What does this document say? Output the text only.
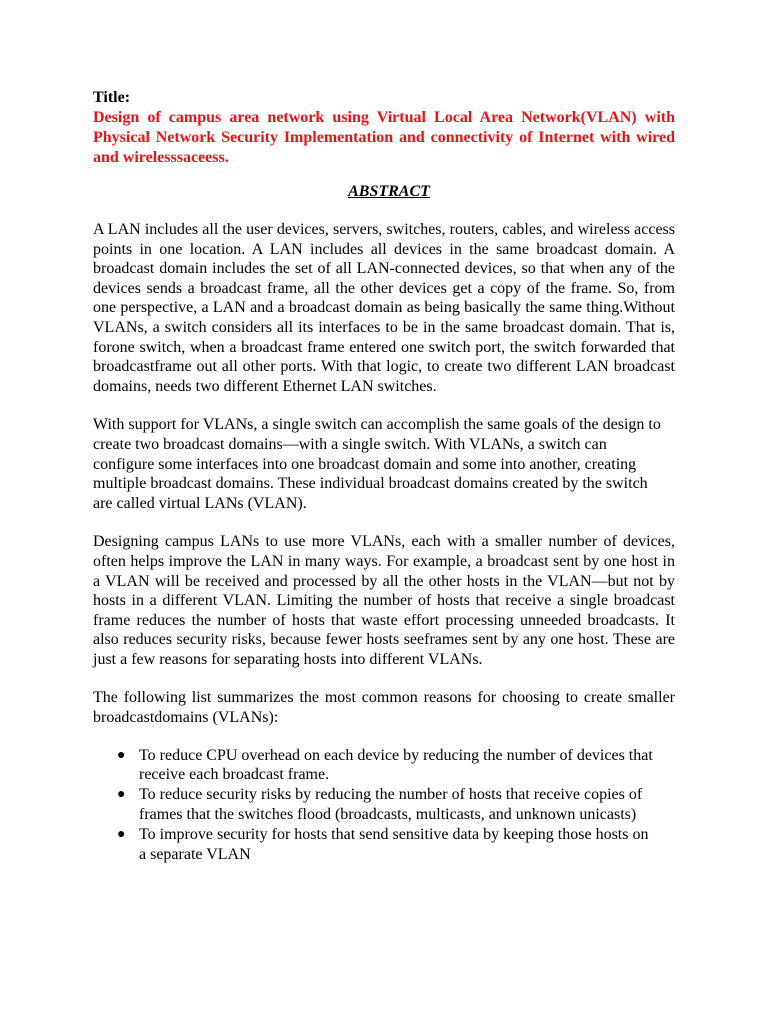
Title:

Design of campus area network using Virtual Local Area Network(VLAN) with Physical Network Security Implementation and connectivity of Internet with wired and wirelesssaceess.

ABSTRACT

A LAN includes all the user devices, servers, switches, routers, cables, and wireless access points in one location. A LAN includes all devices in the same broadcast domain. A broadcast domain includes the set of all LAN-connected devices, so that when any of the devices sends a broadcast frame, all the other devices get a copy of the frame. So, from one perspective, a LAN and a broadcast domain as being basically the same thing.Without VLANs, a switch considers all its interfaces to be in the same broadcast domain. That is, forone switch, when a broadcast frame entered one switch port, the switch forwarded that broadcastframe out all other ports. With that logic, to create two different LAN broadcast domains, needs two different Ethernet LAN switches.

With support for VLANs, a single switch can accomplish the same goals of the design to create two broadcast domains—with a single switch. With VLANs, a switch can configure some interfaces into one broadcast domain and some into another, creating multiple broadcast domains. These individual broadcast domains created by the switch are called virtual LANs (VLAN).

Designing campus LANs to use more VLANs, each with a smaller number of devices, often helps improve the LAN in many ways. For example, a broadcast sent by one host in a VLAN will be received and processed by all the other hosts in the VLAN—but not by hosts in a different VLAN. Limiting the number of hosts that receive a single broadcast frame reduces the number of hosts that waste effort processing unneeded broadcasts. It also reduces security risks, because fewer hosts seeframes sent by any one host. These are just a few reasons for separating hosts into different VLANs.

The following list summarizes the most common reasons for choosing to create smaller broadcastdomains (VLANs):

● To reduce CPU overhead on each device by reducing the number of devices that receive each broadcast frame.
● To reduce security risks by reducing the number of hosts that receive copies of frames that the switches flood (broadcasts, multicasts, and unknown unicasts)
● To improve security for hosts that send sensitive data by keeping those hosts on a separate VLAN
